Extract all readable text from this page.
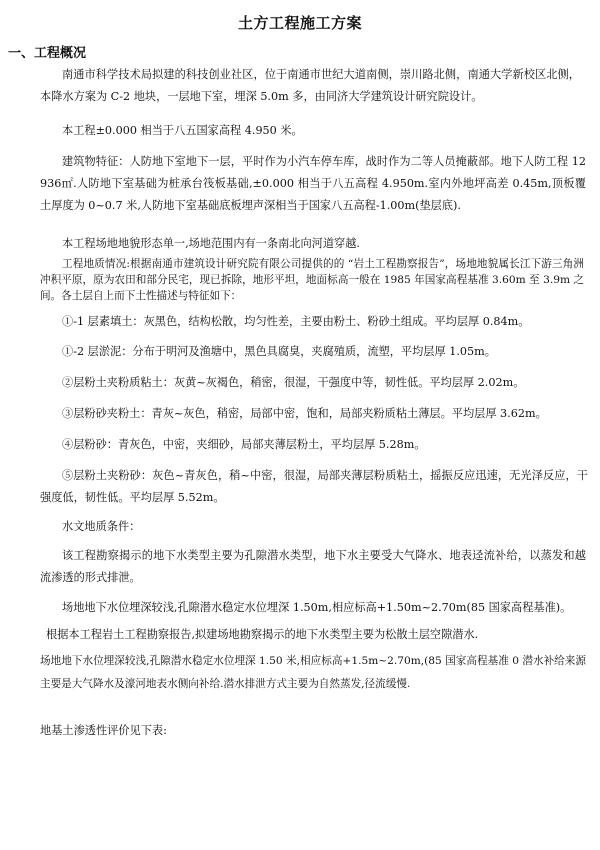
土方工程施工方案
一、工程概况

南通市科学技术局拟建的科技创业社区，位于南通市世纪大道南侧，崇川路北侧，南通大学新校区北侧，本降水方案为 C-2 地块，一层地下室，埋深 5.0m 多，由同济大学建筑设计研究院设计。

本工程±0.000 相当于八五国家高程 4.950 米。

建筑物特征：人防地下室地下一层，平时作为小汽车停车库，战时作为二等人员掩蔽部。地下人防工程 12936㎡.人防地下室基础为桩承台筏板基础,±0.000 相当于八五高程 4.950m.室内外地坪高差 0.45m,顶板覆土厚度为 0~0.7 米,人防地下室基础底板埋声深相当于国家八五高程-1.00m(垫层底).

本工程场地地貌形态单一,场地范围内有一条南北向河道穿越.

工程地质情况:根据南通市建筑设计研究院有限公司提供的的 “岩土工程勘察报告”，场地地貌属长江下游三角洲冲积平原，原为农田和部分民宅，现已拆除，地形平坦，地面标高一般在 1985 年国家高程基准 3.60m 至 3.9m 之间。各土层自上而下土性描述与特征如下：

①-1 层素填土：灰黑色，结构松散，均匀性差，主要由粉土、粉砂土组成。平均层厚 0.84m。

①-2 层淤泥：分布于明河及渔塘中，黑色具腐臭，夹腐殖质，流塑，平均层厚 1.05m。

②层粉土夹粉质粘土：灰黄~灰褐色，稍密，很湿，干强度中等，韧性低。平均层厚 2.02m。

③层粉砂夹粉土：青灰~灰色，稍密，局部中密，饱和，局部夹粉质粘土薄层。平均层厚 3.62m。

④层粉砂：青灰色，中密，夹细砂，局部夹薄层粉土，平均层厚 5.28m。

⑤层粉土夹粉砂：灰色~青灰色，稍~中密，很湿，局部夹薄层粉质粘土，摇振反应迅速，无光泽反应，干强度低，韧性低。平均层厚 5.52m。

水文地质条件：

该工程勘察揭示的地下水类型主要为孔隙潜水类型，地下水主要受大气降水、地表迳流补给，以蒸发和越流渗透的形式排泄。

场地地下水位埋深较浅,孔隙潜水稳定水位埋深 1.50m,相应标高+1.50m~2.70m(85 国家高程基准)。

根据本工程岩土工程勘察报告,拟建场地勘察揭示的地下水类型主要为松散土层空隙潜水.

场地地下水位埋深较浅,孔隙潜水稳定水位埋深 1.50 米,相应标高+1.5m~2.70m,(85 国家高程基准 0 潜水补给来源主要是大气降水及濠河地表水侧向补给.潜水排泄方式主要为自然蒸发,径流缓慢.

地基土渗透性评价见下表:
